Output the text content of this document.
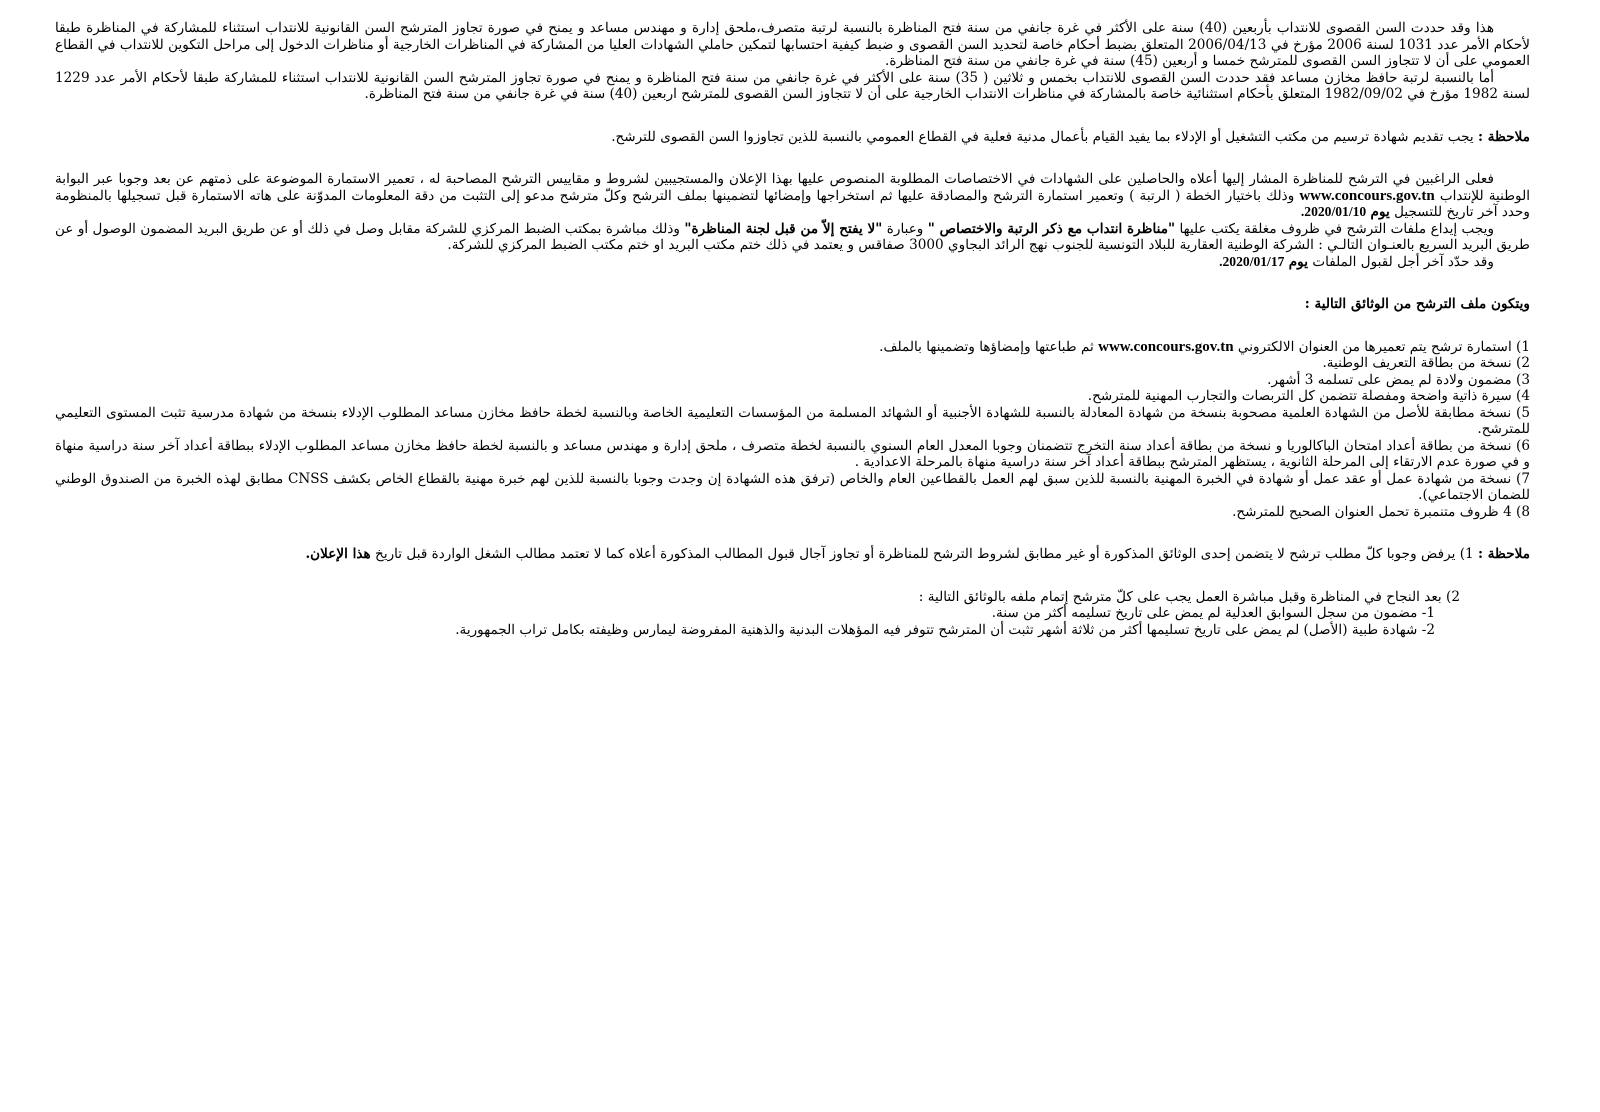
هذا وقد حددت السن القصوى للانتداب بأربعين (40) سنة على الأكثر في غرة جانفي من سنة فتح المناظرة بالنسبة لرتبة متصرف،ملحق إدارة و مهندس مساعد و يمنح في صورة تجاوز المترشح السن القانونية للانتداب استثناء للمشاركة في المناظرة طبقا لأحكام الأمر عدد 1031 لسنة 2006 مؤرخ في 2006/04/13 المتعلق بضبط أحكام خاصة لتحديد السن القصوى و ضبط كيفية احتسابها لتمكين حاملي الشهادات العليا من المشاركة في المناظرات الخارجية أو مناظرات الدخول إلى مراحل التكوين للانتداب في القطاع العمومي على أن لا تتجاوز السن القصوى للمترشح خمسا و أربعين (45) سنة في غرة جانفي من سنة فتح المناظرة.

أما بالنسبة لرتبة حافظ مخازن مساعد فقد حددت السن القصوى للانتداب بخمس و ثلاثين ( 35) سنة على الأكثر في غرة جانفي من سنة فتح المناظرة و يمنح في صورة تجاوز المترشح السن القانونية للانتداب استثناء للمشاركة طبقا لأحكام الأمر عدد 1229 لسنة 1982 مؤرخ في 1982/09/02 المتعلق بأحكام استثنائية خاصة بالمشاركة في مناظرات الانتداب الخارجية على أن لا تتجاوز السن القصوى للمترشح اربعين (40) سنة في غرة جانفي من سنة فتح المناظرة.

ملاحظة : يجب تقديم شهادة ترسيم من مكتب التشغيل أو الإدلاء بما يفيد القيام بأعمال مدنية فعلية في القطاع العمومي بالنسبة للذين تجاوزوا السن القصوى للترشح.

فعلى الراغبين في الترشح للمناظرة المشار إليها أعلاه والحاصلين على الشهادات في الاختصاصات المطلوبة المنصوص عليها بهذا الإعلان والمستجيبين لشروط و مقاييس الترشح المصاحبة له ، تعمير الاستمارة الموضوعة على ذمتهم عن بعد وجوبا عبر البوابة الوطنية للإنتداب www.concours.gov.tn وذلك باختيار الخطة ( الرتبة ) وتعمير استمارة الترشح والمصادقة عليها ثم استخراجها وإمضائها لتضمينها بملف الترشح وكلّ مترشح مدعو إلى التثبت من دقة المعلومات المدوّنة على هاته الاستمارة قبل تسجيلها بالمنظومة وحدد آخر تاريخ للتسجيل يوم 2020/01/10.

ويجب إيداع ملفات الترشح في ظروف مغلقة يكتب عليها "مناظرة انتداب مع ذكر الرتبة والاختصاص " وعبارة "لا يفتح إلاّ من قبل لجنة المناظرة" وذلك مباشرة بمكتب الضبط المركزي للشركة مقابل وصل في ذلك أو عن طريق البريد المضمون الوصول أو عن طريق البريد السريع بالعنـوان التالـي : الشركة الوطنية العقارية للبلاد التونسية للجنوب نهج الرائد البجاوي 3000 صفاقس و يعتمد في ذلك ختم مكتب البريد او ختم مكتب الضبط المركزي للشركة.

وقد حدّد آخر أجل لقبول الملفات يوم 2020/01/17.

ويتكون ملف الترشح من الوثائق التالية :

1) استمارة ترشح يتم تعميرها من العنوان الالكتروني www.concours.gov.tn ثم طباعتها وإمضاؤها وتضمينها بالملف.

2) نسخة من بطاقة التعريف الوطنية.

3) مضمون ولادة لم يمض على تسلمه 3 أشهر.

4) سيرة ذاتية واضحة ومفصلة تتضمن كل التربصات والتجارب المهنية للمترشح.

5) نسخة مطابقة للأصل من الشهادة العلمية مصحوبة بنسخة من شهادة المعادلة بالنسبة للشهادة الأجنبية أو الشهائد المسلمة من المؤسسات التعليمية الخاصة وبالنسبة لخطة حافظ مخازن مساعد المطلوب الإدلاء بنسخة من شهادة مدرسية تثبت المستوى التعليمي للمترشح.

6) نسخة من بطاقة أعداد امتحان الباكالوريا و نسخة من بطاقة أعداد سنة التخرج تتضمنان وجوبا المعدل العام السنوي بالنسبة لخطة متصرف ، ملحق إدارة و مهندس مساعد و بالنسبة لخطة حافظ مخازن مساعد المطلوب الإدلاء ببطاقة أعداد آخر سنة دراسية منهاة و في صورة عدم الارتقاء إلى المرحلة الثانوية ، يستظهر المترشح ببطاقة أعداد آخر سنة دراسية منهاة بالمرحلة الاعدادية .

7) نسخة من شهادة عمل أو عقد عمل أو شهادة في الخبرة المهنية بالنسبة للذين سبق لهم العمل بالقطاعين العام والخاص (ترفق هذه الشهادة إن وجدت وجوبا بالنسبة للذين لهم خبرة مهنية بالقطاع الخاص بكشف CNSS مطابق لهذه الخبرة من الصندوق الوطني للضمان الاجتماعي).

8) 4 ظروف متنمبرة تحمل العنوان الصحيح للمترشح.

ملاحظة : 1) يرفض وجوبا كلّ مطلب ترشح لا يتضمن إحدى الوثائق المذكورة أو غير مطابق لشروط الترشح للمناظرة أو تجاوز آجال قبول المطالب المذكورة أعلاه كما لا تعتمد مطالب الشغل الواردة قبل تاريخ هذا الإعلان.

2) بعد النجاح في المناظرة وقبل مباشرة العمل يجب على كلّ مترشح إتمام ملفه بالوثائق التالية :

1- مضمون من سجل السوابق العدلية لم يمض على تاريخ تسليمه أكثر من سنة.

2- شهادة طبية (الأصل) لم يمض على تاريخ تسليمها أكثر من ثلاثة أشهر تثبت أن المترشح تتوفر فيه المؤهلات البدنية والذهنية المفروضة ليمارس وظيفته بكامل تراب الجمهورية.
